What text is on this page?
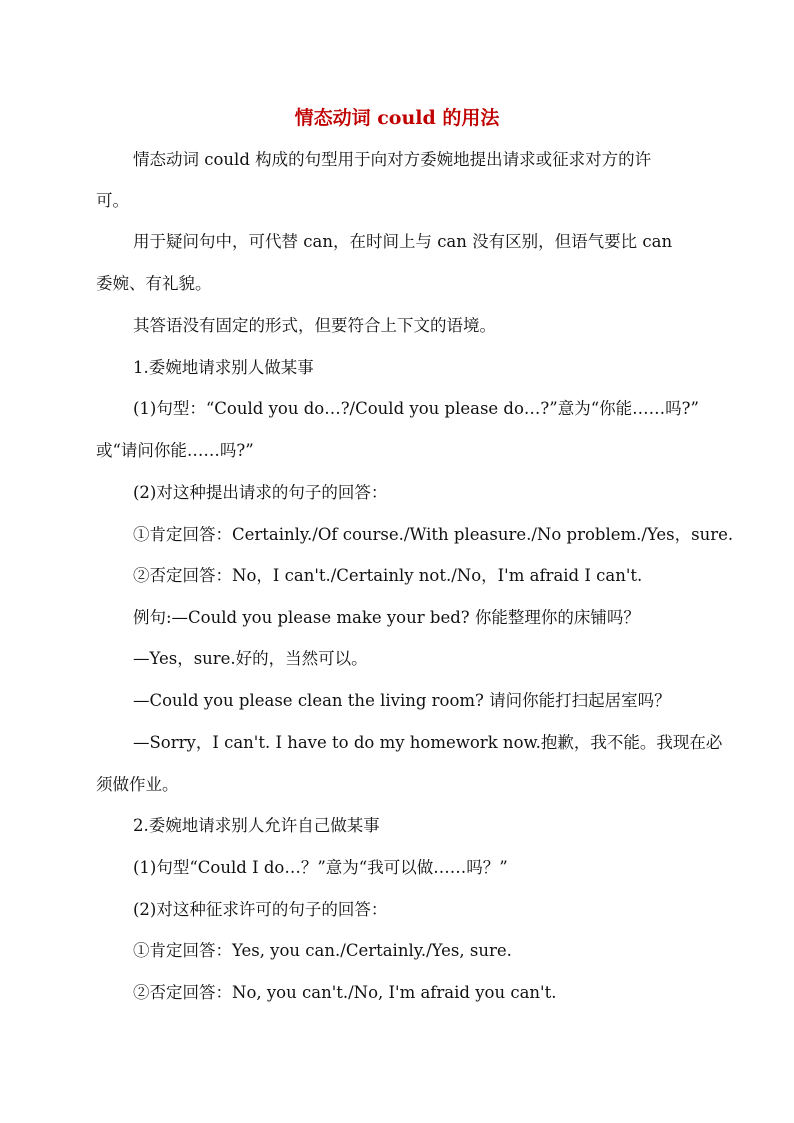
情态动词 could 的用法
情态动词 could 构成的句型用于向对方委婉地提出请求或征求对方的许
可。
用于疑问句中，可代替 can，在时间上与 can 没有区别，但语气要比 can
委婉、有礼貌。
其答语没有固定的形式，但要符合上下文的语境。
1.委婉地请求别人做某事
(1)句型：“Could you do…?/Could you please do…?”意为“你能……吗?”
或“请问你能……吗?”
(2)对这种提出请求的句子的回答：
①肯定回答：Certainly./Of course./With pleasure./No problem./Yes，sure.
②否定回答：No，I can't./Certainly not./No，I'm afraid I can't.
例句:—Could you please make your bed? 你能整理你的床铺吗？
—Yes，sure.好的，当然可以。
—Could you please clean the living room? 请问你能打扫起居室吗？
—Sorry，I can't. I have to do my homework now.抱歉，我不能。我现在必
须做作业。
2.委婉地请求别人允许自己做某事
(1)句型“Could I do…？”意为“我可以做……吗？”
(2)对这种征求许可的句子的回答：
①肯定回答：Yes, you can./Certainly./Yes, sure.
②否定回答：No, you can't./No, I'm afraid you can't.
